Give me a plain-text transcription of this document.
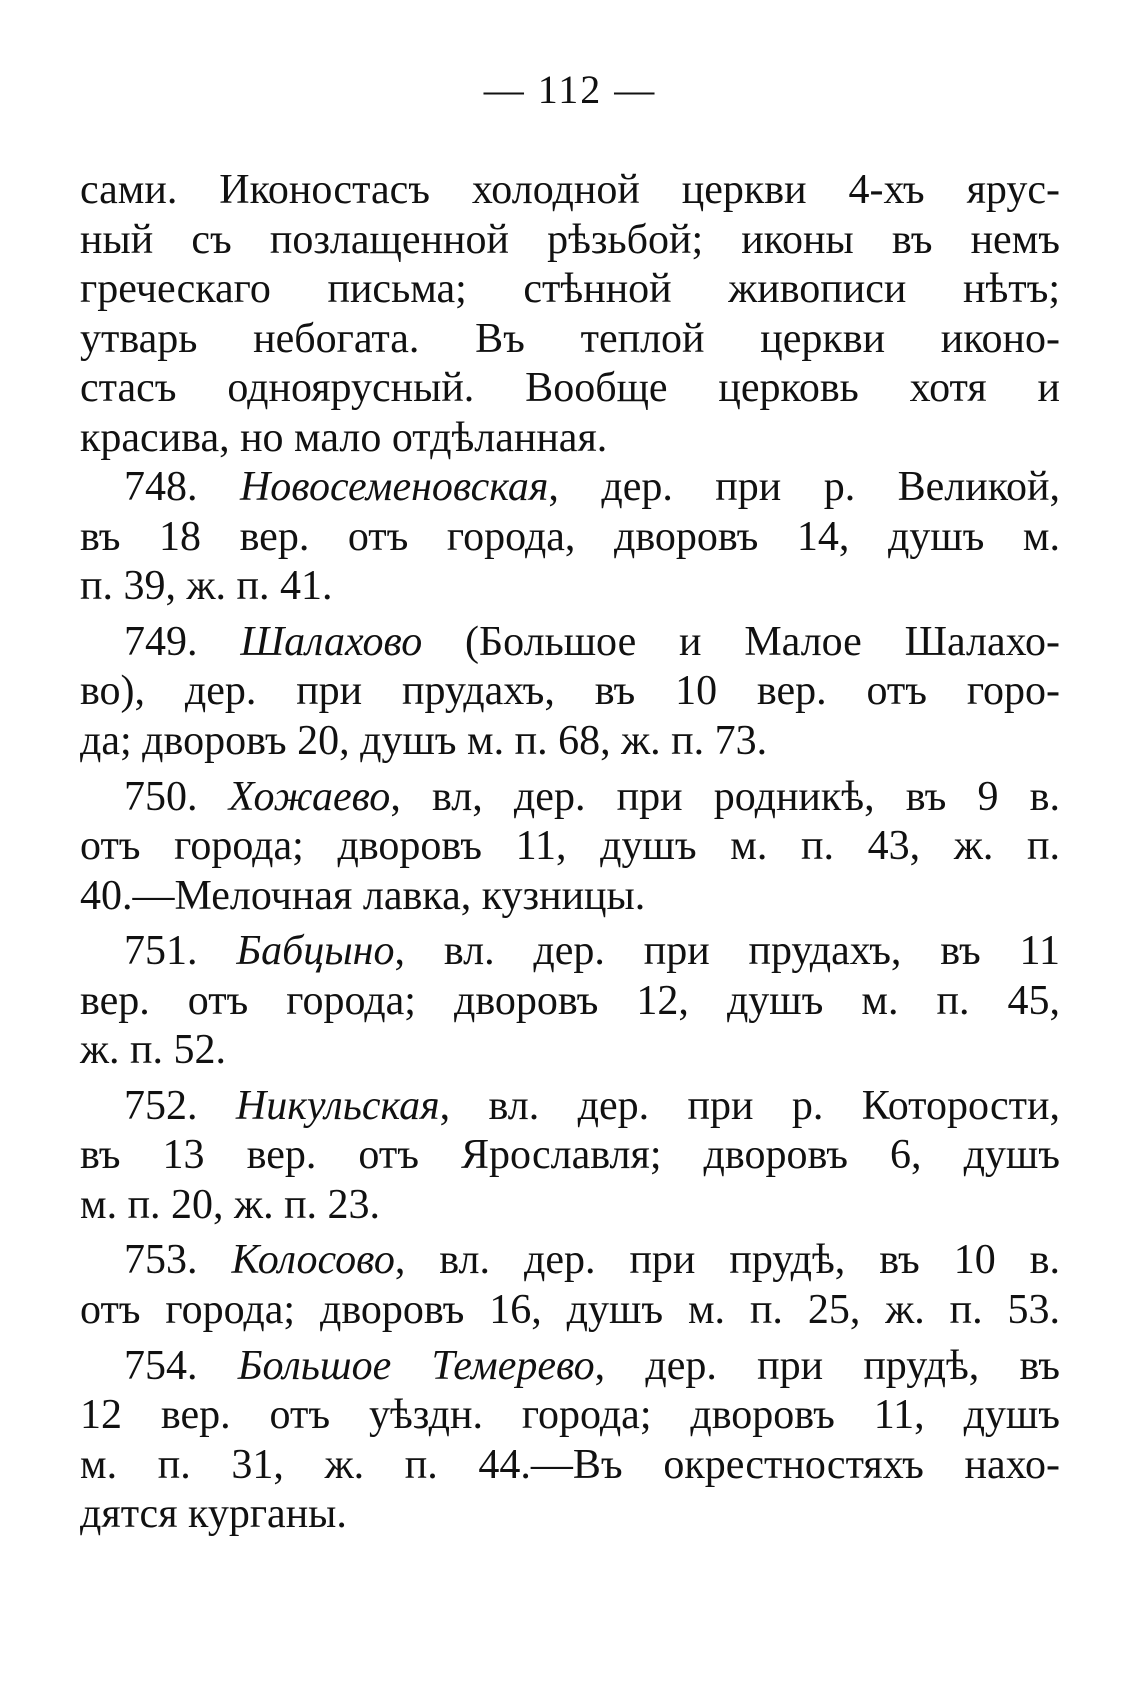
— 112 —
сами. Иконостасъ холодной церкви 4-хъ ярус-
ный съ позлащенной рѣзьбой; иконы въ немъ
греческаго письма; стѣнной живописи нѣтъ;
утварь небогата. Въ теплой церкви иконо-
стасъ одноярусный. Вообще церковь хотя и
красива, но мало отдѣланная.
748. Новосеменовская, дер. при р. Великой,
въ 18 вер. отъ города, дворовъ 14, душъ м.
п. 39, ж. п. 41.
749. Шалахово (Большое и Малое Шалахо-
во), дер. при прудахъ, въ 10 вер. отъ горо-
да; дворовъ 20, душъ м. п. 68, ж. п. 73.
750. Хожаево, вл, дер. при родникѣ, въ 9 в.
отъ города; дворовъ 11, душъ м. п. 43, ж. п.
40.—Мелочная лавка, кузницы.
751. Бабцыно, вл. дер. при прудахъ, въ 11
вер. отъ города; дворовъ 12, душъ м. п. 45,
ж. п. 52.
752. Никульская, вл. дер. при р. Которости,
въ 13 вер. отъ Ярославля; дворовъ 6, душъ
м. п. 20, ж. п. 23.
753. Колосово, вл. дер. при прудѣ, въ 10 в.
отъ города; дворовъ 16, душъ м. п. 25, ж. п. 53.
754. Большое Темерево, дер. при прудѣ, въ
12 вер. отъ уѣздн. города; дворовъ 11, душъ
м. п. 31, ж. п. 44.—Въ окрестностяхъ нахо-
дятся курганы.
